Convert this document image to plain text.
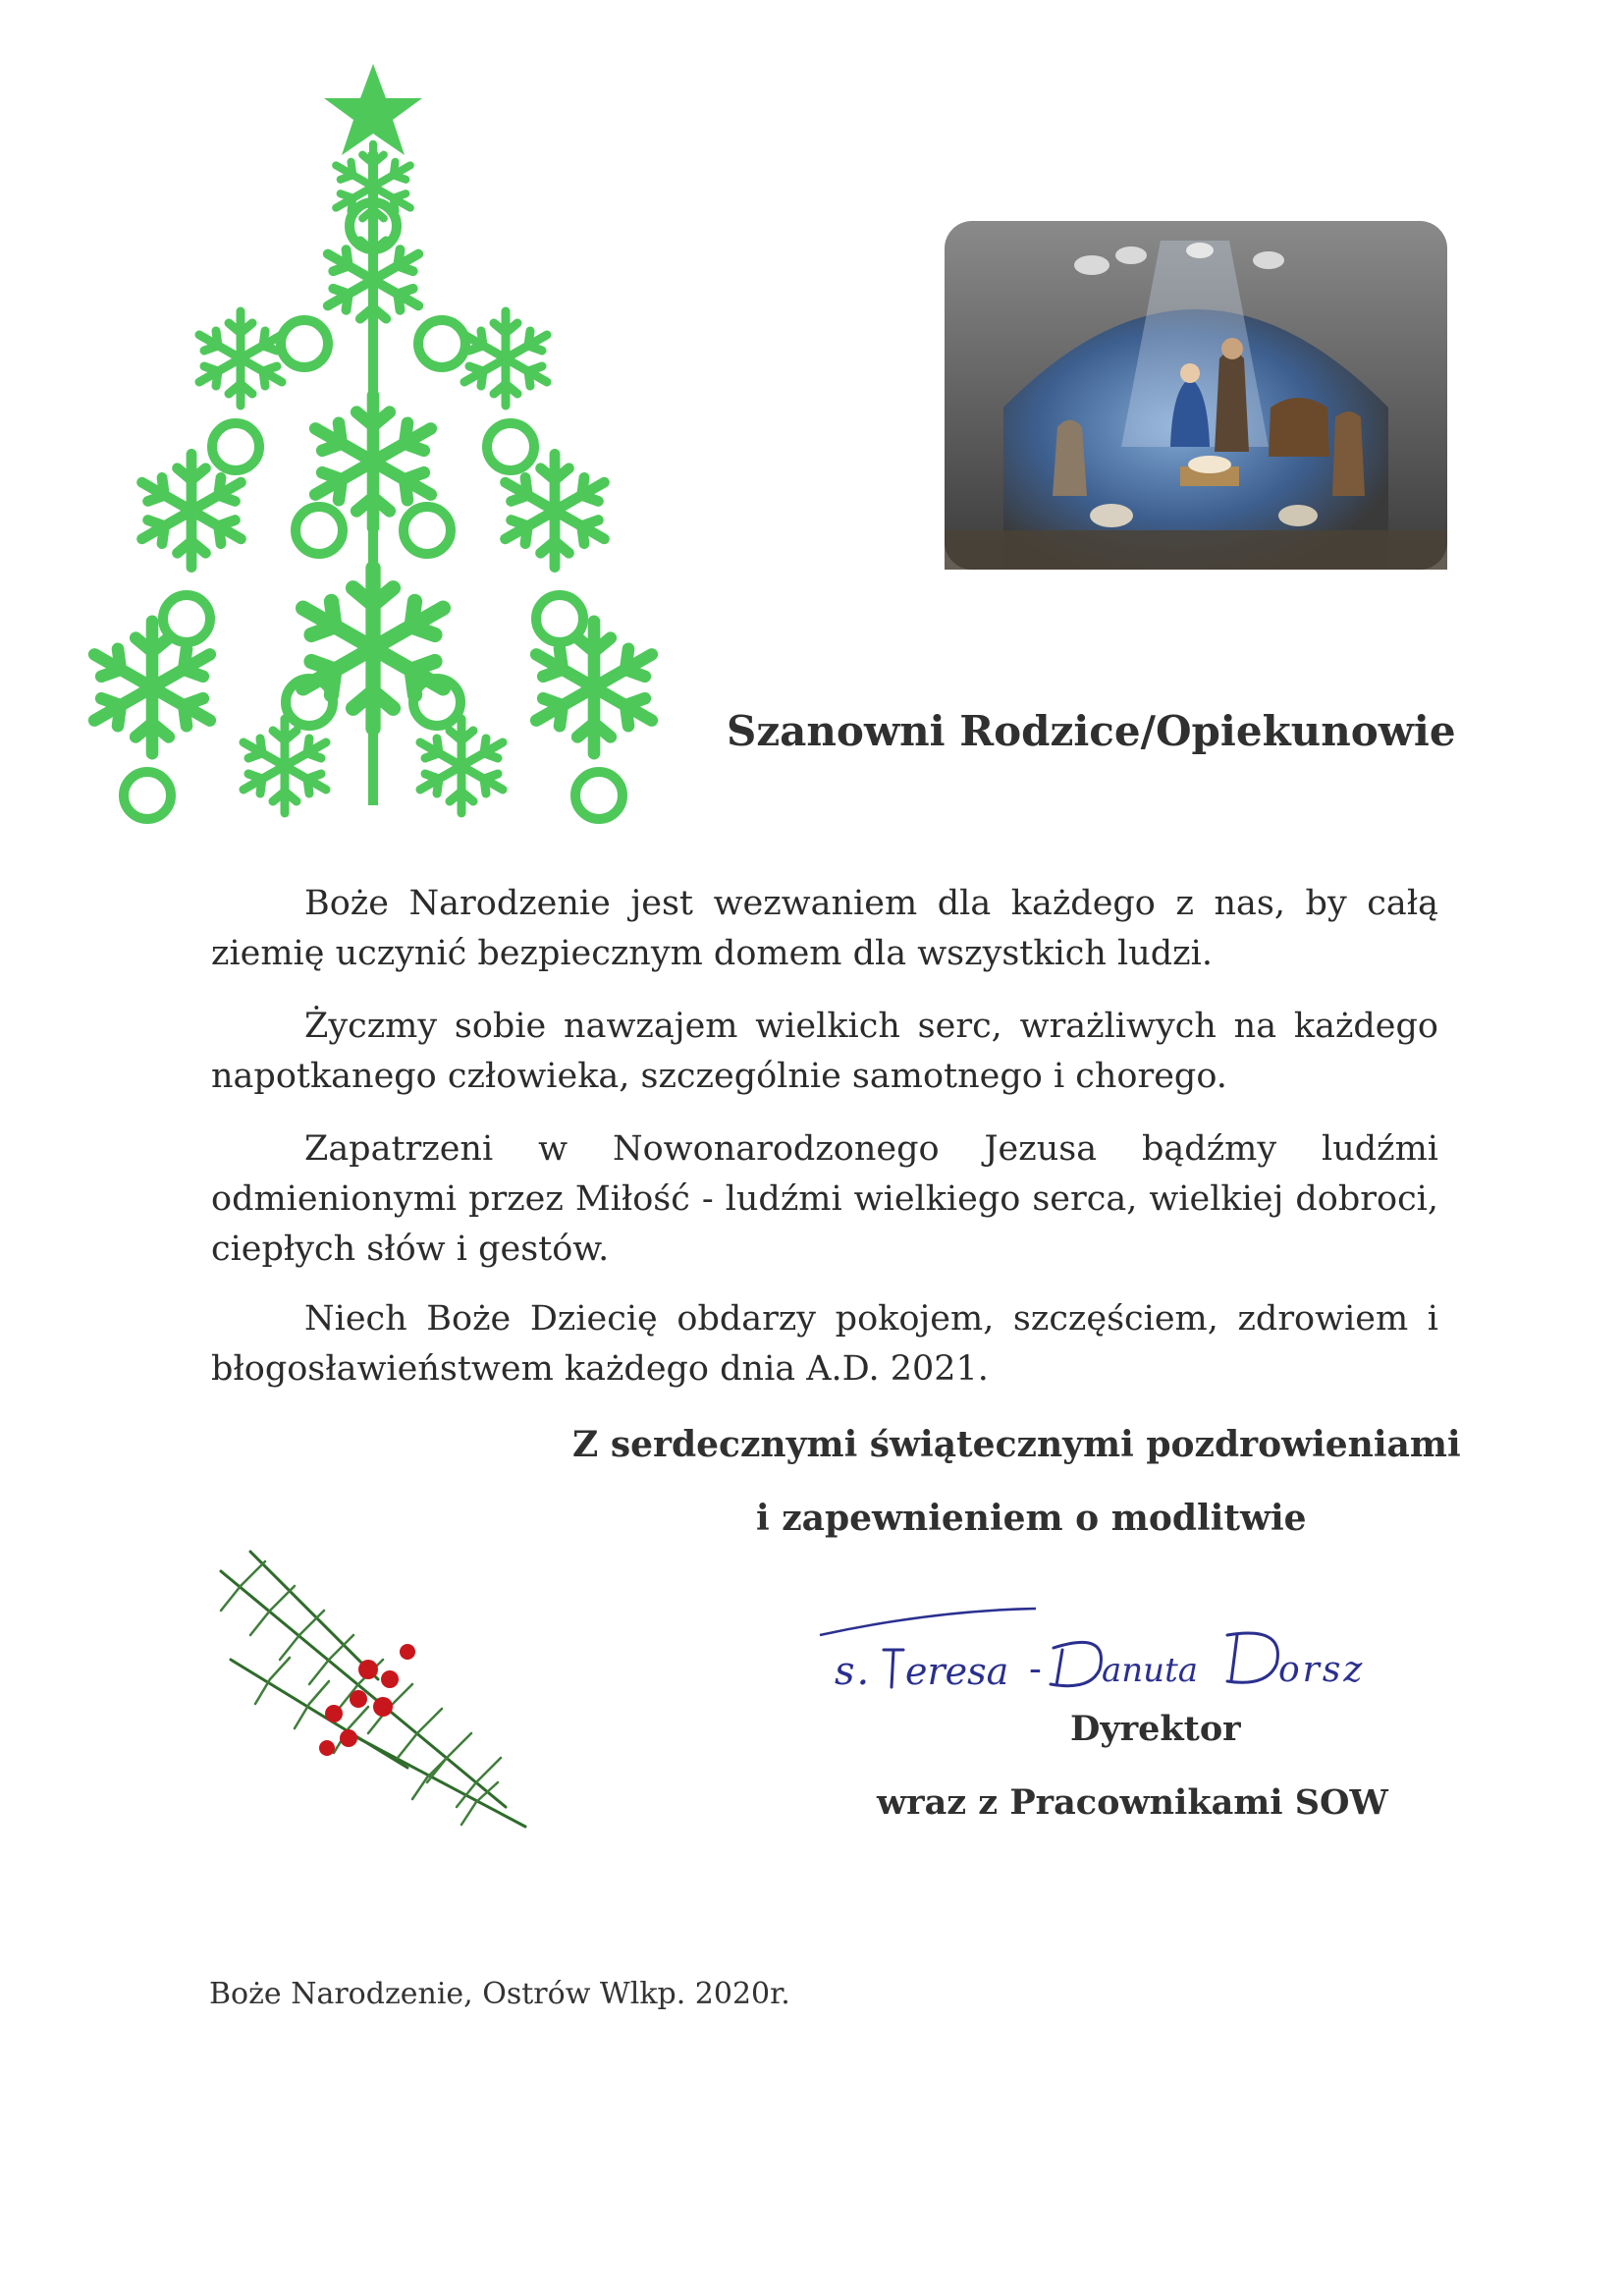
Szanowni Rodzice/Opiekunowie

Boże Narodzenie jest wezwaniem dla każdego z nas, by całą ziemię uczynić bezpiecznym domem dla wszystkich ludzi.

Życzmy sobie nawzajem wielkich serc, wrażliwych na każdego napotkanego człowieka, szczególnie samotnego i chorego.

Zapatrzeni w Nowonarodzonego Jezusa bądźmy ludźmi odmienionymi przez Miłość - ludźmi wielkiego serca, wielkiej dobroci, ciepłych słów i gestów.

Niech Boże Dziecię obdarzy pokojem, szczęściem, zdrowiem i błogosławieństwem każdego dnia A.D. 2021.

Z serdecznymi świątecznymi pozdrowieniami
i zapewnieniem o modlitwie
s. eresa - anuta orsz
Dyrektor
wraz z Pracownikami SOW
Boże Narodzenie, Ostrów Wlkp. 2020r.
